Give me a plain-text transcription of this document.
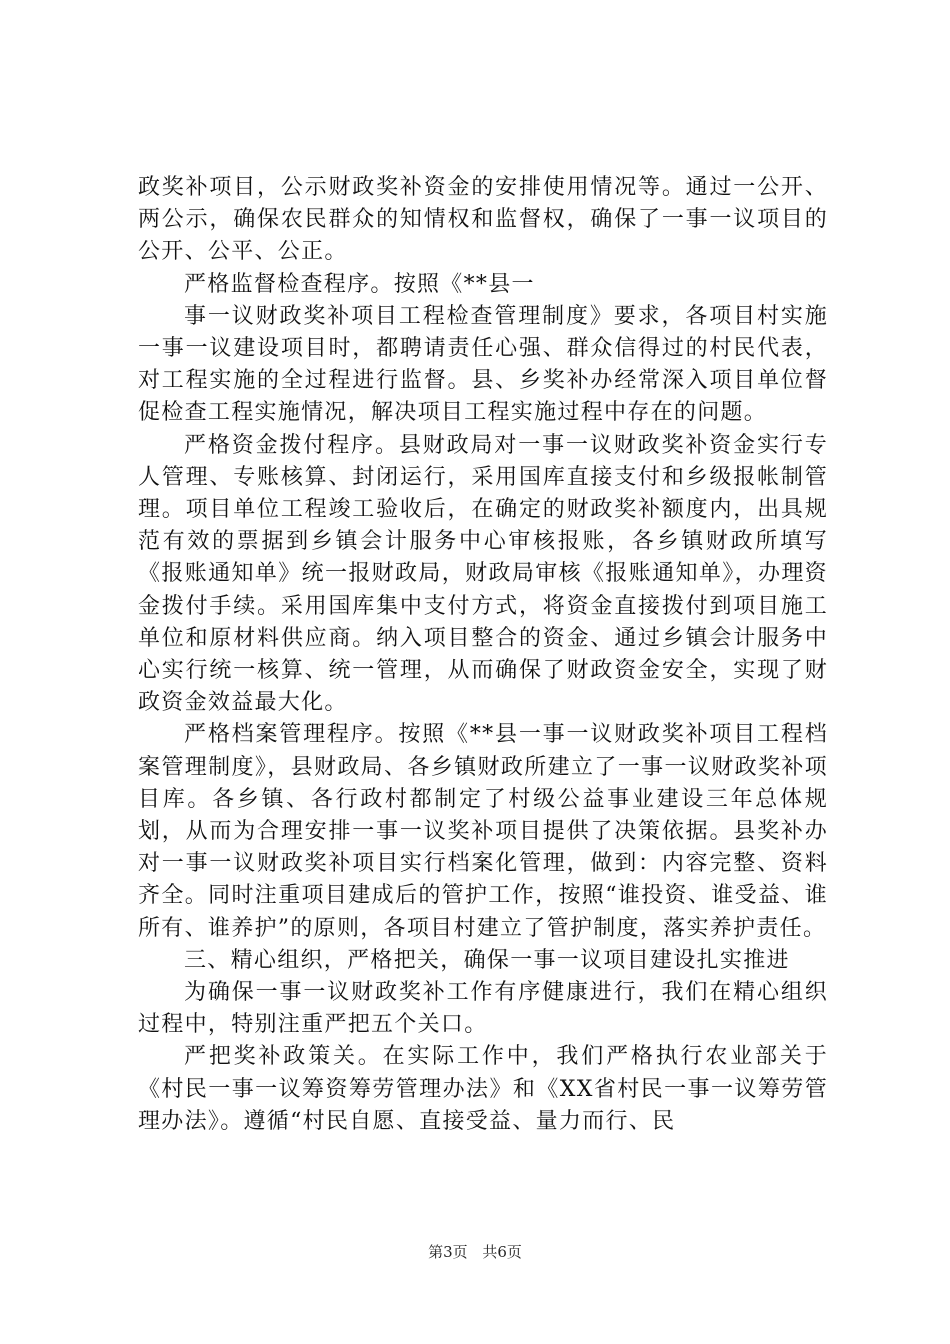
政奖补项目，公示财政奖补资金的安排使用情况等。通过一公开、两公示，确保农民群众的知情权和监督权，确保了一事一议项目的公开、公平、公正。

严格监督检查程序。按照《**县一

事一议财政奖补项目工程检查管理制度》要求，各项目村实施一事一议建设项目时，都聘请责任心强、群众信得过的村民代表，对工程实施的全过程进行监督。县、乡奖补办经常深入项目单位督促检查工程实施情况，解决项目工程实施过程中存在的问题。

严格资金拨付程序。县财政局对一事一议财政奖补资金实行专人管理、专账核算、封闭运行，采用国库直接支付和乡级报帐制管理。项目单位工程竣工验收后，在确定的财政奖补额度内，出具规范有效的票据到乡镇会计服务中心审核报账，各乡镇财政所填写《报账通知单》统一报财政局，财政局审核《报账通知单》，办理资金拨付手续。采用国库集中支付方式，将资金直接拨付到项目施工单位和原材料供应商。纳入项目整合的资金、通过乡镇会计服务中心实行统一核算、统一管理，从而确保了财政资金安全，实现了财政资金效益最大化。

严格档案管理程序。按照《**县一事一议财政奖补项目工程档案管理制度》，县财政局、各乡镇财政所建立了一事一议财政奖补项目库。各乡镇、各行政村都制定了村级公益事业建设三年总体规划，从而为合理安排一事一议奖补项目提供了决策依据。县奖补办对一事一议财政奖补项目实行档案化管理，做到：内容完整、资料齐全。同时注重项目建成后的管护工作，按照“谁投资、谁受益、谁所有、谁养护”的原则，各项目村建立了管护制度，落实养护责任。

三、精心组织，严格把关，确保一事一议项目建设扎实推进

为确保一事一议财政奖补工作有序健康进行，我们在精心组织过程中，特别注重严把五个关口。

严把奖补政策关。在实际工作中，我们严格执行农业部关于《村民一事一议筹资筹劳管理办法》和《XX省村民一事一议筹劳管理办法》。遵循“村民自愿、直接受益、量力而行、民

第3页 共6页
